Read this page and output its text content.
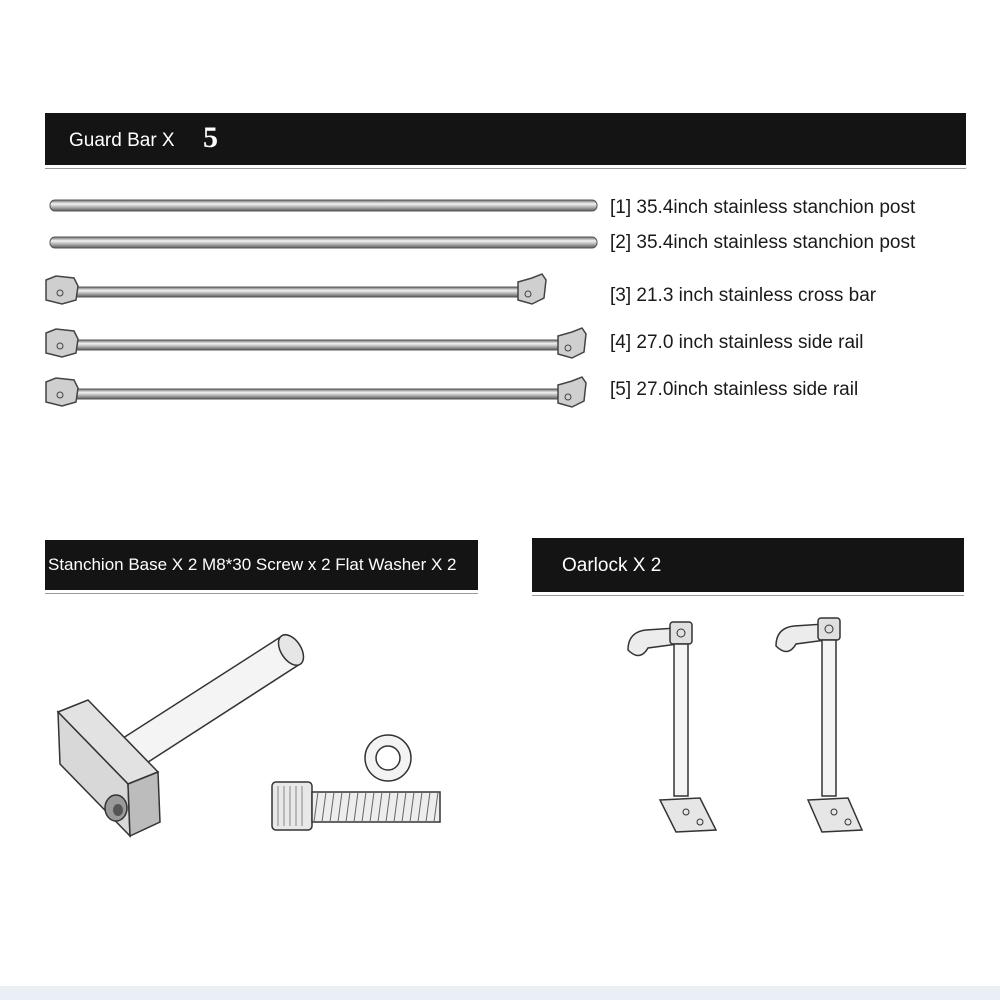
Guard Bar X 5
[1] 35.4inch stainless stanchion post
[2] 35.4inch stainless stanchion post
[3] 21.3 inch stainless cross bar
[4] 27.0 inch stainless side rail
[5] 27.0inch stainless side rail
Stanchion Base X 2 M8*30 Screw x 2 Flat Washer X 2	Oarlock X 2
